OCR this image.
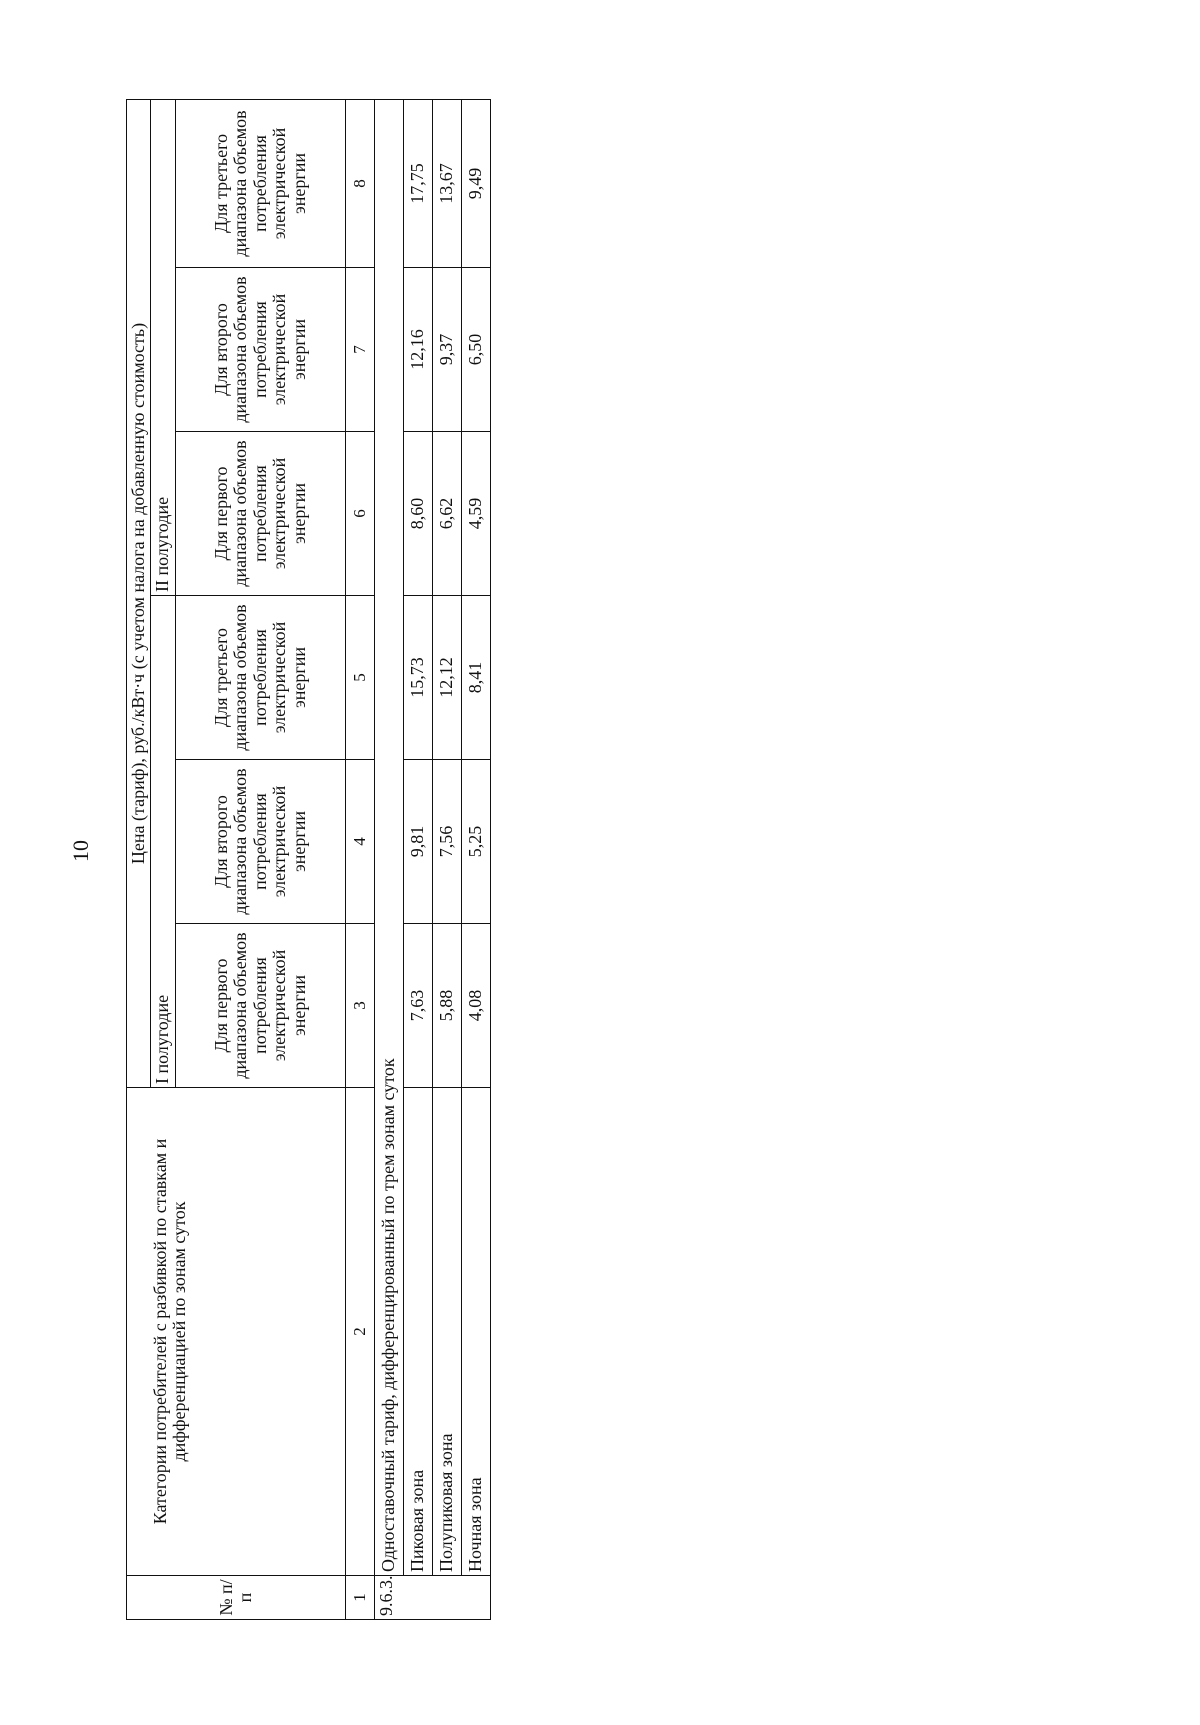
10
№ п/п	Категории потребителей с разбивкой по ставкам и дифференциацией по зонам суток	Цена (тариф), руб./кВт·ч (с учетом налога на добавленную стоимость)					
		I полугодие			II полугодие		
		Для первого диапазона объемов потребления электрической энергии	Для второго диапазона объемов потребления электрической энергии	Для третьего диапазона объемов потребления электрической энергии	Для первого диапазона объемов потребления электрической энергии	Для второго диапазона объемов потребления электрической энергии	Для третьего диапазона объемов потребления электрической энергии
1	2	3	4	5	6	7	8
9.6.3.	Одноставочный тариф, дифференцированный по трем зонам суток						
	Пиковая зона	7,63	9,81	15,73	8,60	12,16	17,75
	Полупиковая зона	5,88	7,56	12,12	6,62	9,37	13,67
	Ночная зона	4,08	5,25	8,41	4,59	6,50	9,49
